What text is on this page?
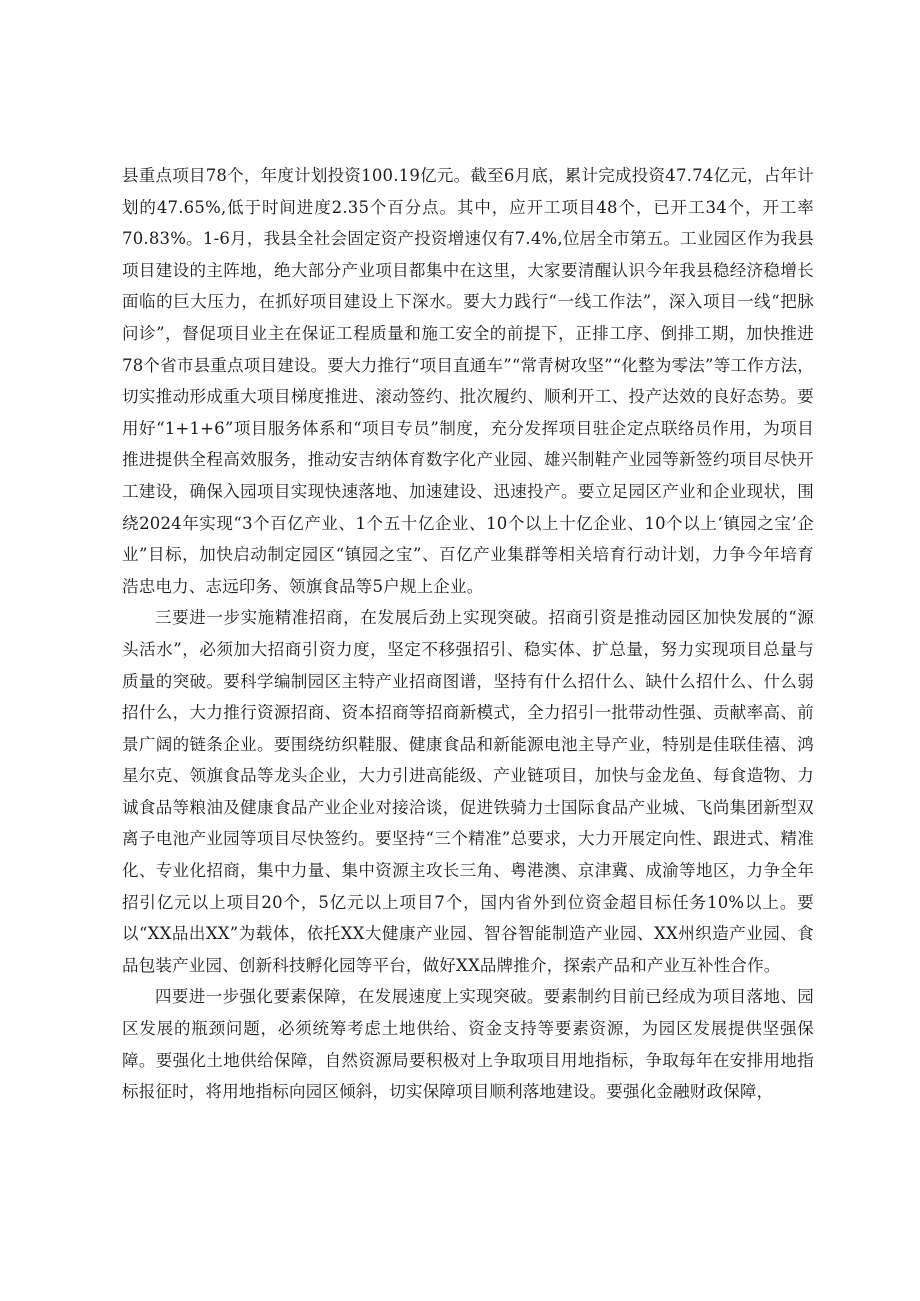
县重点项目78个，年度计划投资100.19亿元。截至6月底，累计完成投资47.74亿元，占年计划的47.65%,低于时间进度2.35个百分点。其中，应开工项目48个，已开工34个，开工率70.83%。1-6月，我县全社会固定资产投资增速仅有7.4%,位居全市第五。工业园区作为我县项目建设的主阵地，绝大部分产业项目都集中在这里，大家要清醒认识今年我县稳经济稳增长面临的巨大压力，在抓好项目建设上下深水。要大力践行“一线工作法”，深入项目一线“把脉问诊”，督促项目业主在保证工程质量和施工安全的前提下，正排工序、倒排工期，加快推进78个省市县重点项目建设。要大力推行“项目直通车”“常青树攻坚”“化整为零法”等工作方法，切实推动形成重大项目梯度推进、滚动签约、批次履约、顺利开工、投产达效的良好态势。要用好“1+1+6”项目服务体系和“项目专员”制度，充分发挥项目驻企定点联络员作用，为项目推进提供全程高效服务，推动安吉纳体育数字化产业园、雄兴制鞋产业园等新签约项目尽快开工建设，确保入园项目实现快速落地、加速建设、迅速投产。要立足园区产业和企业现状，围绕2024年实现“3个百亿产业、1个五十亿企业、10个以上十亿企业、10个以上‘镇园之宝’企业”目标，加快启动制定园区“镇园之宝”、百亿产业集群等相关培育行动计划，力争今年培育浩忠电力、志远印务、领旗食品等5户规上企业。

三要进一步实施精准招商，在发展后劲上实现突破。招商引资是推动园区加快发展的“源头活水”，必须加大招商引资力度，坚定不移强招引、稳实体、扩总量，努力实现项目总量与质量的突破。要科学编制园区主特产业招商图谱，坚持有什么招什么、缺什么招什么、什么弱招什么，大力推行资源招商、资本招商等招商新模式，全力招引一批带动性强、贡献率高、前景广阔的链条企业。要围绕纺织鞋服、健康食品和新能源电池主导产业，特别是佳联佳禧、鸿星尔克、领旗食品等龙头企业，大力引进高能级、产业链项目，加快与金龙鱼、每食造物、力诚食品等粮油及健康食品产业企业对接洽谈，促进铁骑力士国际食品产业城、飞尚集团新型双离子电池产业园等项目尽快签约。要坚持“三个精准”总要求，大力开展定向性、跟进式、精准化、专业化招商，集中力量、集中资源主攻长三角、粤港澳、京津冀、成渝等地区，力争全年招引亿元以上项目20个，5亿元以上项目7个，国内省外到位资金超目标任务10%以上。要以“XX品出XX”为载体，依托XX大健康产业园、智谷智能制造产业园、XX州织造产业园、食品包装产业园、创新科技孵化园等平台，做好XX品牌推介，探索产品和产业互补性合作。

四要进一步强化要素保障，在发展速度上实现突破。要素制约目前已经成为项目落地、园区发展的瓶颈问题，必须统筹考虑土地供给、资金支持等要素资源，为园区发展提供坚强保障。要强化土地供给保障，自然资源局要积极对上争取项目用地指标，争取每年在安排用地指标报征时，将用地指标向园区倾斜，切实保障项目顺利落地建设。要强化金融财政保障，
